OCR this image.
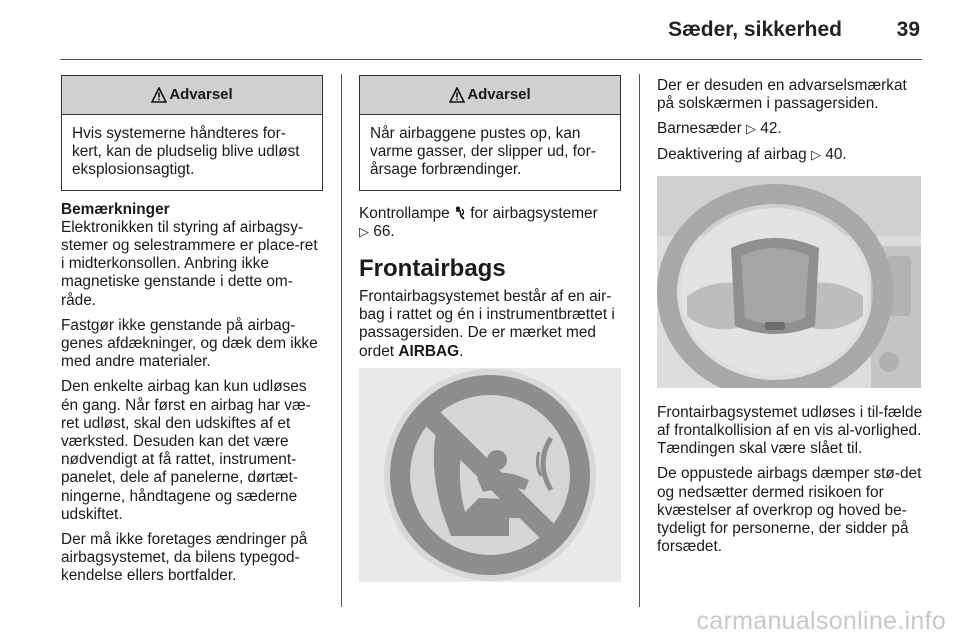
Sæder, sikkerhed	39
Advarsel
Hvis systemerne håndteres for-kert, kan de pludselig blive udløst eksplosionsagtigt.
Bemærkninger

Elektronikken til styring af airbagsy-stemer og selestrammere er place-ret i midterkonsollen. Anbring ikke magnetiske genstande i dette om-råde.

Fastgør ikke genstande på airbag-genes afdækninger, og dæk dem ikke med andre materialer.

Den enkelte airbag kan kun udløses én gang. Når først en airbag har væ-ret udløst, skal den udskiftes af et værksted. Desuden kan det være nødvendigt at få rattet, instrument-panelet, dele af panelerne, dørtæt-ningerne, håndtagene og sæderne udskiftet.

Der må ikke foretages ændringer på airbagsystemet, da bilens typegod-kendelse ellers bortfalder.

Advarsel
Når airbaggene pustes op, kan varme gasser, der slipper ud, for-årsage forbrændinger.

Kontrollampe for airbagsystemer
▷ 66.

Frontairbags

Frontairbagsystemet består af en air-bag i rattet og én i instrumentbrættet i passagersiden. De er mærket med ordet AIRBAG.

Der er desuden en advarselsmærkat på solskærmen i passagersiden.

Barnesæder ▷ 42.

Deaktivering af airbag ▷ 40.

Frontairbagsystemet udløses i til-fælde af frontalkollision af en vis al-vorlighed. Tændingen skal være slået til.

De oppustede airbags dæmper stø-det og nedsætter dermed risikoen for kvæstelser af overkrop og hoved be-tydeligt for personerne, der sidder på forsædet.

carmanualsonline.info
